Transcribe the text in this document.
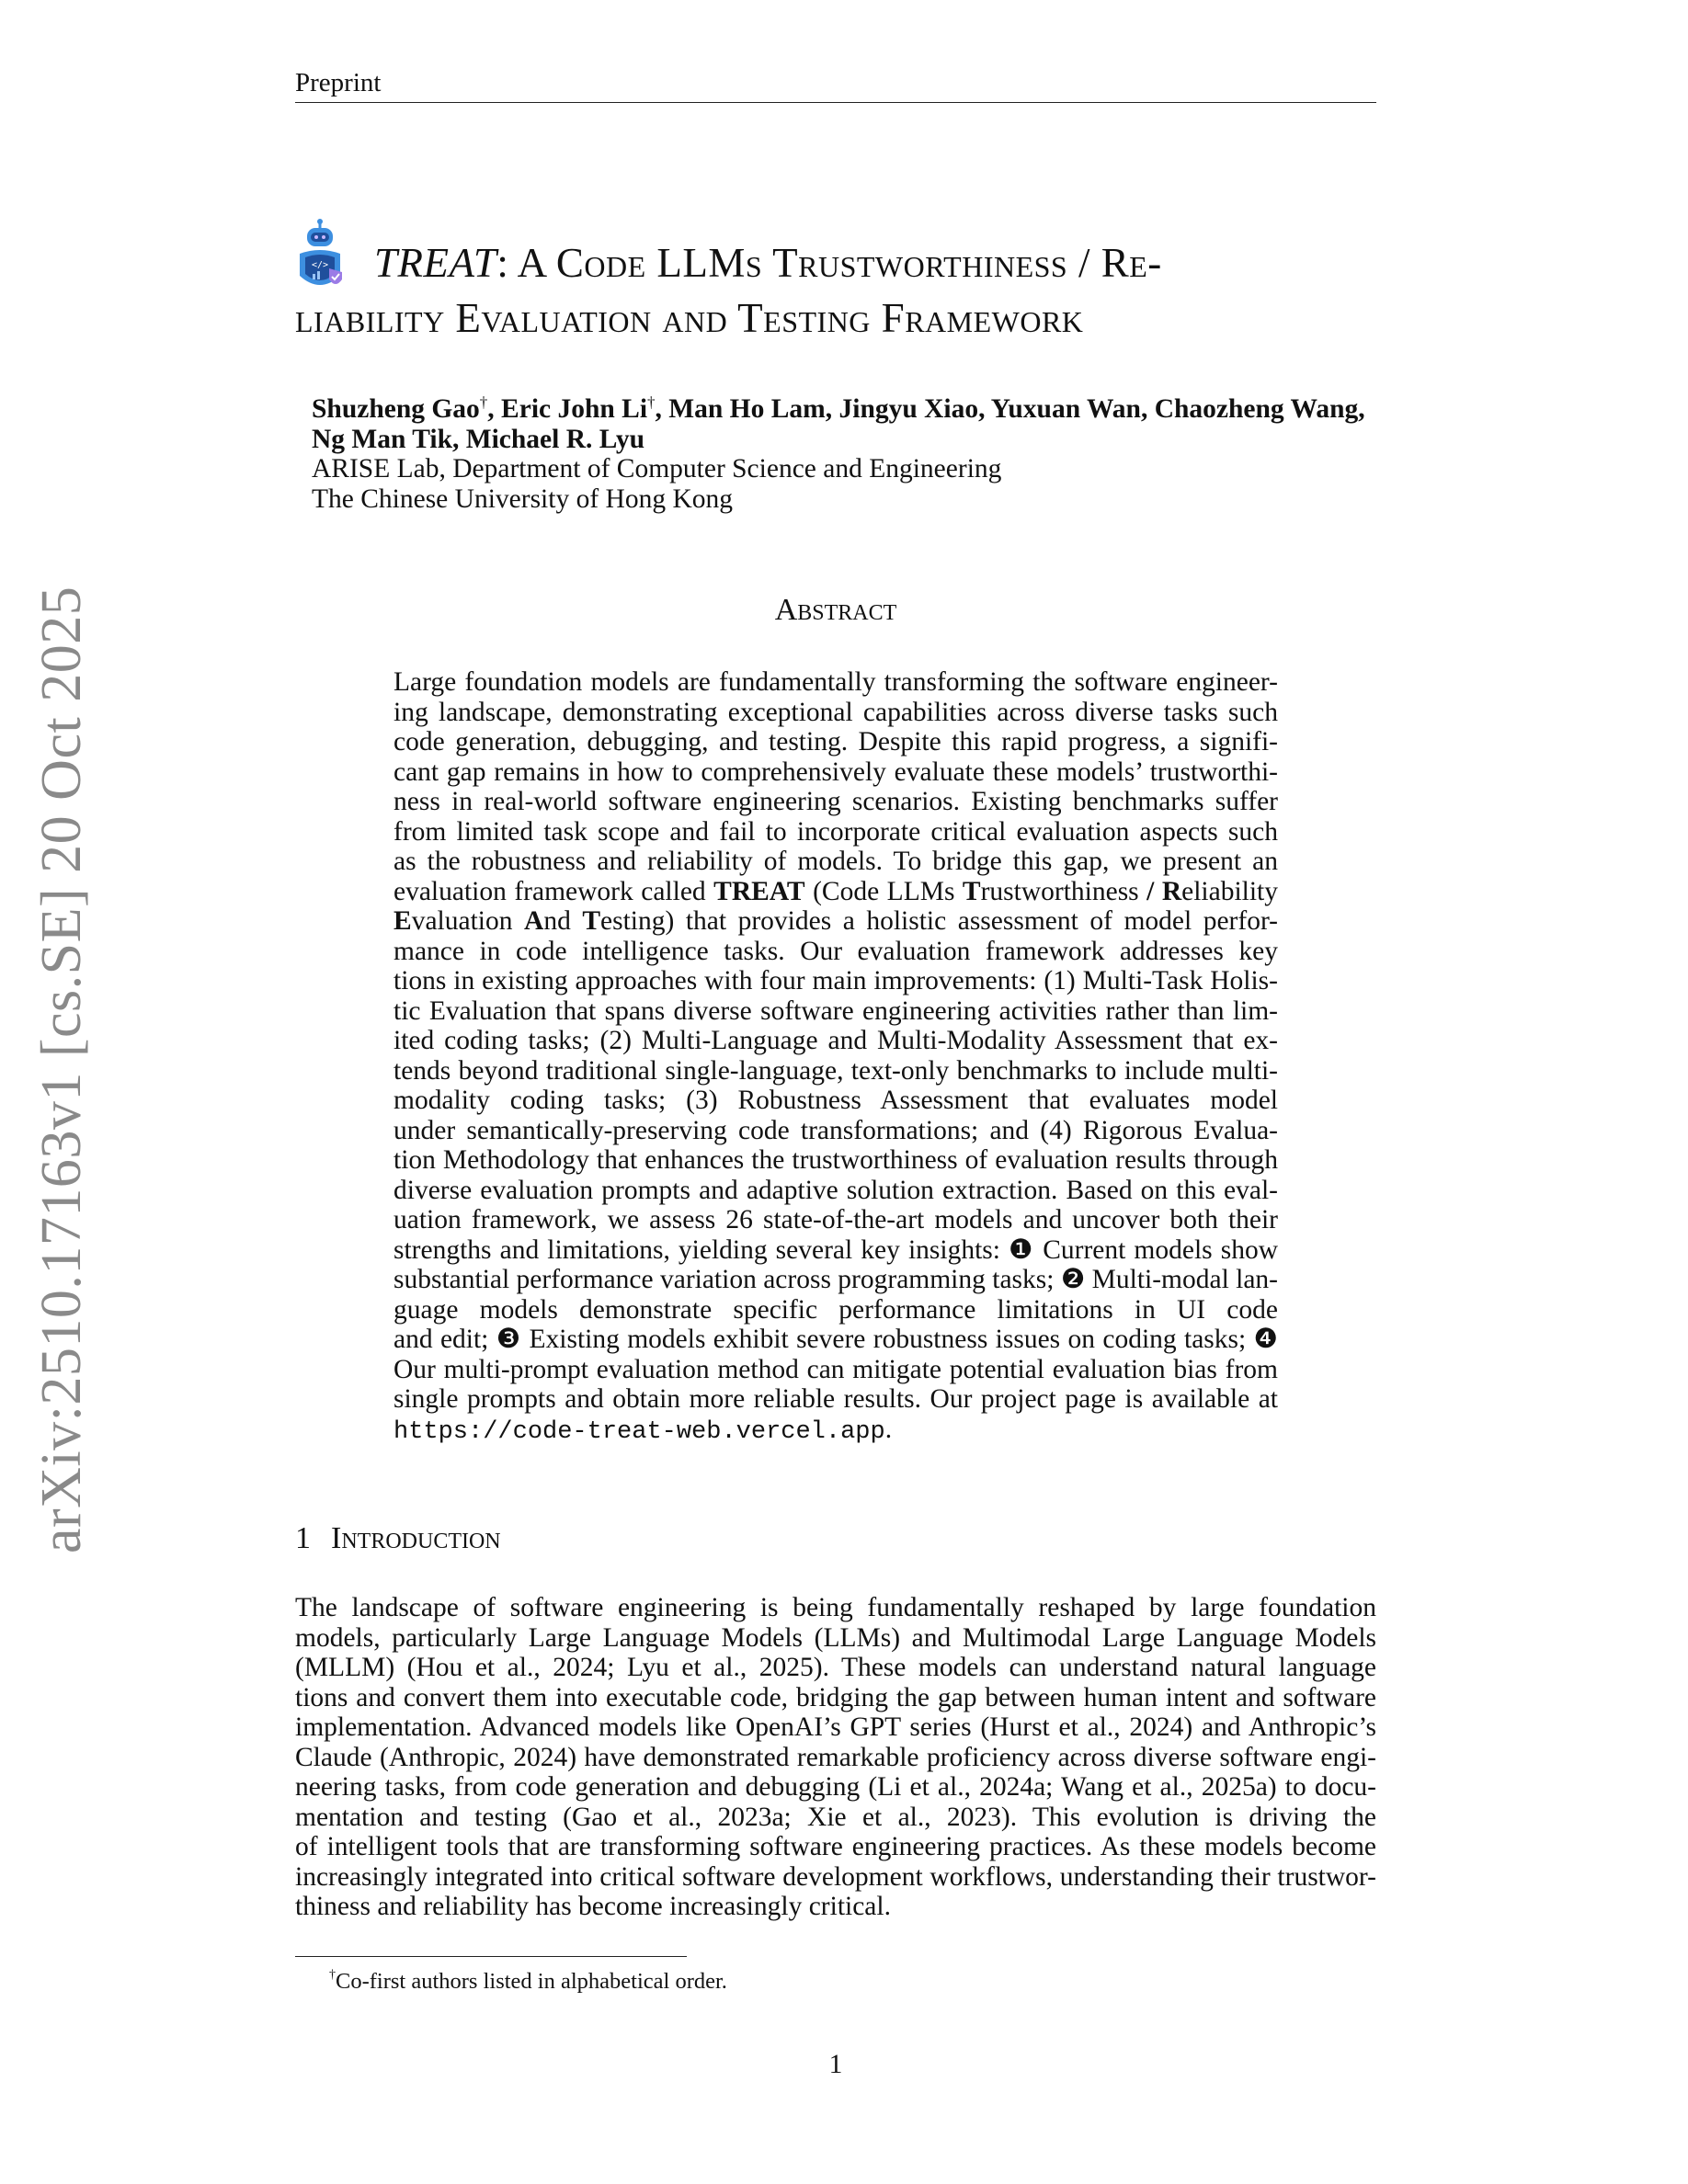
Preprint
arXiv:2510.17163v1 [cs.SE] 20 Oct 2025
</>	TREAT: A Code LLMs Trustworthiness / Re-
liability Evaluation and Testing Framework
Shuzheng Gao†, Eric John Li†, Man Ho Lam, Jingyu Xiao, Yuxuan Wan, Chaozheng Wang,
Ng Man Tik, Michael R. Lyu
ARISE Lab, Department of Computer Science and Engineering
The Chinese University of Hong Kong
Abstract
Large foundation models are fundamentally transforming the software engineer-
ing landscape, demonstrating exceptional capabilities across diverse tasks such
code generation, debugging, and testing. Despite this rapid progress, a signifi-
cant gap remains in how to comprehensively evaluate these models’ trustworthi-
ness in real-world software engineering scenarios. Existing benchmarks suffer
from limited task scope and fail to incorporate critical evaluation aspects such
as the robustness and reliability of models. To bridge this gap, we present an
evaluation framework called TREAT (Code LLMs Trustworthiness / Reliability
Evaluation And Testing) that provides a holistic assessment of model perfor-
mance in code intelligence tasks. Our evaluation framework addresses key
tions in existing approaches with four main improvements: (1) Multi-Task Holis-
tic Evaluation that spans diverse software engineering activities rather than lim-
ited coding tasks; (2) Multi-Language and Multi-Modality Assessment that ex-
tends beyond traditional single-language, text-only benchmarks to include multi-
modality coding tasks; (3) Robustness Assessment that evaluates model
under semantically-preserving code transformations; and (4) Rigorous Evalua-
tion Methodology that enhances the trustworthiness of evaluation results through
diverse evaluation prompts and adaptive solution extraction. Based on this eval-
uation framework, we assess 26 state-of-the-art models and uncover both their
strengths and limitations, yielding several key insights: ❶ Current models show
substantial performance variation across programming tasks; ❷ Multi-modal lan-
guage models demonstrate specific performance limitations in UI code
and edit; ❸ Existing models exhibit severe robustness issues on coding tasks; ❹
Our multi-prompt evaluation method can mitigate potential evaluation bias from
single prompts and obtain more reliable results. Our project page is available at
https://code-treat-web.vercel.app.
1 Introduction
The landscape of software engineering is being fundamentally reshaped by large foundation
models, particularly Large Language Models (LLMs) and Multimodal Large Language Models
(MLLM) (Hou et al., 2024; Lyu et al., 2025). These models can understand natural language
tions and convert them into executable code, bridging the gap between human intent and software
implementation. Advanced models like OpenAI’s GPT series (Hurst et al., 2024) and Anthropic’s
Claude (Anthropic, 2024) have demonstrated remarkable proficiency across diverse software engi-
neering tasks, from code generation and debugging (Li et al., 2024a; Wang et al., 2025a) to docu-
mentation and testing (Gao et al., 2023a; Xie et al., 2023). This evolution is driving the
of intelligent tools that are transforming software engineering practices. As these models become
increasingly integrated into critical software development workflows, understanding their trustwor-
thiness and reliability has become increasingly critical.
†Co-first authors listed in alphabetical order.
1
